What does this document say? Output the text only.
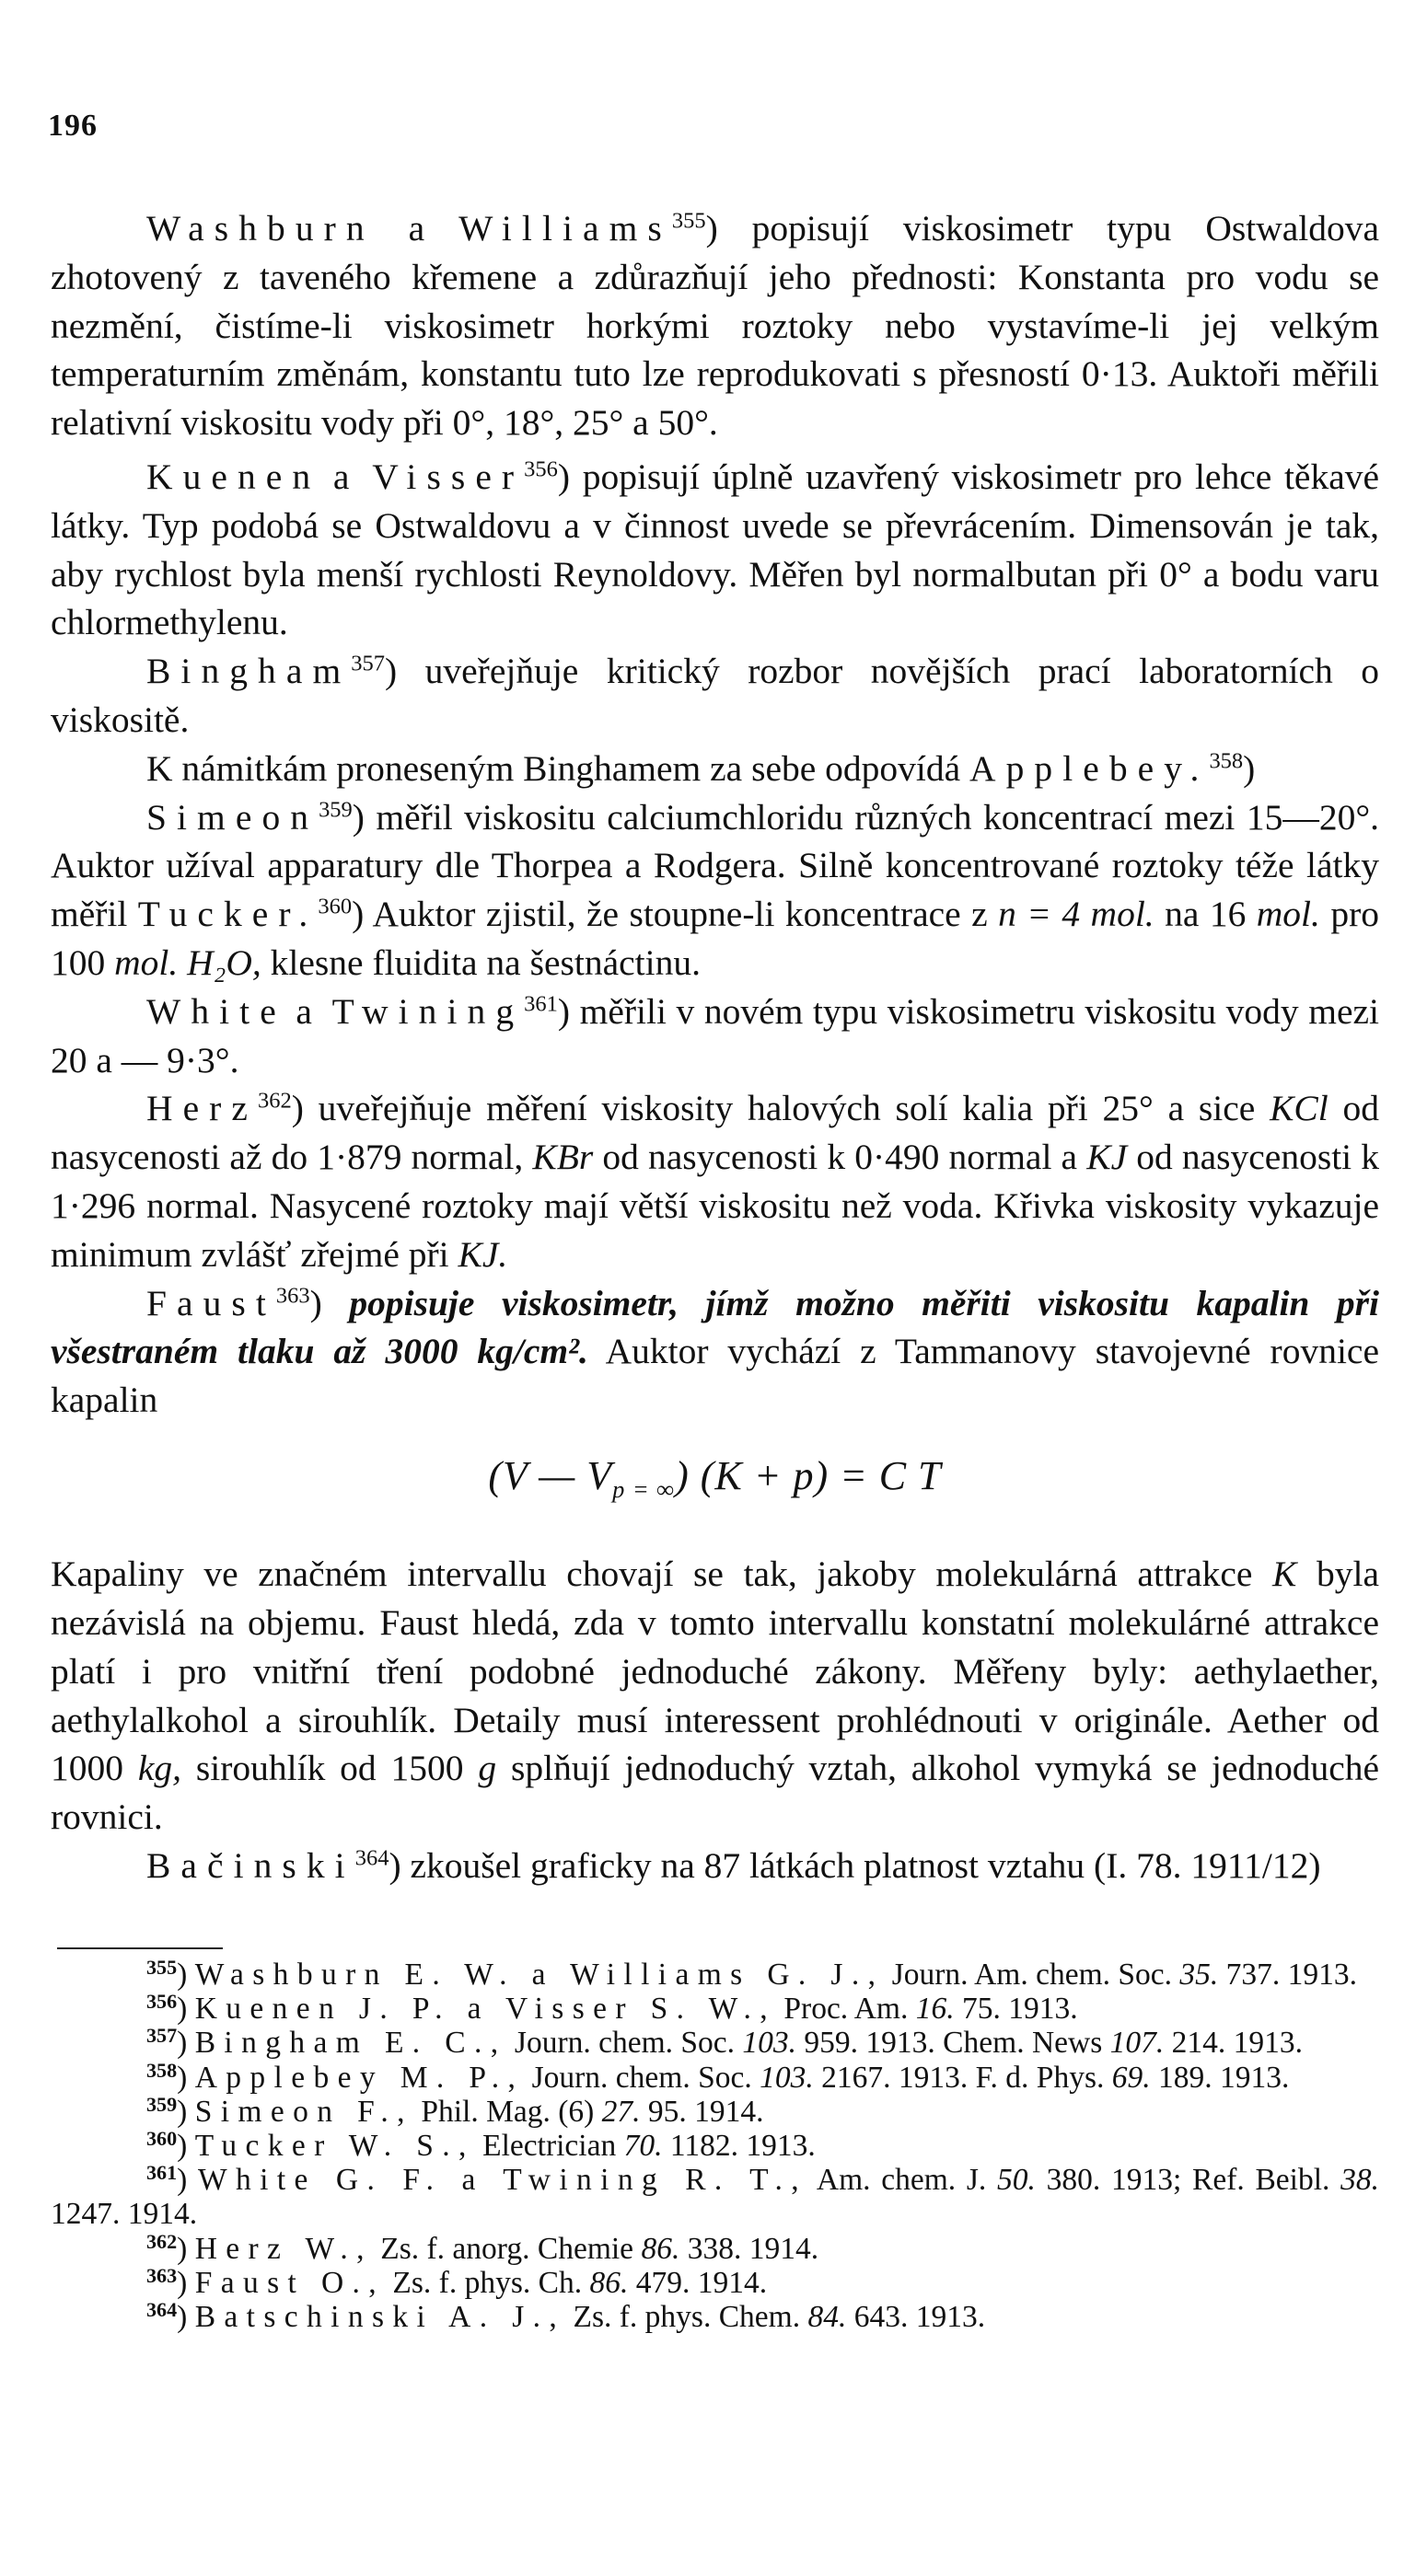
196

Washburn a Williams$^{355}$) popisují viskosimetr typu Ostwaldova zhotovený z taveného křemene a zdůrazňují jeho přednosti: Konstanta pro vodu se nezmění, čistíme-li viskosimetr horkými roztoky nebo vystavíme-li jej velkým temperaturním změnám, konstantu tuto lze reprodukovati s přesností 0·13. Auktoři měřili relativní viskositu vody při 0°, 18°, 25° a 50°.

Kuenen a Visser$^{356}$) popisují úplně uzavřený viskosimetr pro lehce těkavé látky. Typ podobá se Ostwaldovu a v činnost uvede se převrácením. Dimensován je tak, aby rychlost byla menší rychlosti Reynoldovy. Měřen byl normalbutan při 0° a bodu varu chlormethylenu.

Bingham$^{357}$) uveřejňuje kritický rozbor novějších prací laboratorních o viskositě.

K námitkám proneseným Binghamem za sebe odpovídá Applebey.$^{358}$)

Simeon$^{359}$) měřil viskositu calciumchloridu různých koncentrací mezi 15—20°. Auktor užíval apparatury dle Thorpea a Rodgera. Silně koncentrované roztoky téže látky měřil Tucker.$^{360}$) Auktor zjistil, že stoupne-li koncentrace z n = 4 mol. na 16 mol. pro 100 mol. H₂O, klesne fluidita na šestnáctinu.

White a Twining$^{361}$) měřili v novém typu viskosimetru viskositu vody mezi 20 a — 9·3°.

Herz$^{362}$) uveřejňuje měření viskosity halových solí kalia při 25° a sice KCl od nasycenosti až do 1·879 normal, KBr od nasycenosti k 0·490 normal a KJ od nasycenosti k 1·296 normal. Nasycené roztoky mají větší viskositu než voda. Křivka viskosity vykazuje minimum zvlášť zřejmé při KJ.

Faust$^{363}$) popisuje viskosimetr, jímž možno měřiti viskositu kapalin při všestraném tlaku až 3000 kg/cm². Auktor vychází z Tammanovy stavojevné rovnice kapalin

(V — $V_{p = \infty}$) (K + p) = C T

Kapaliny ve značném intervallu chovají se tak, jakoby molekulárná attrakce K byla nezávislá na objemu. Faust hledá, zda v tomto intervallu konstatní molekulárné attrakce platí i pro vnitřní tření podobné jednoduché zákony. Měřeny byly: aethylaether, aethylalkohol a sirouhlík. Detaily musí interessent prohlédnouti v originále. Aether od 1000 kg, sirouhlík od 1500 g splňují jednoduchý vztah, alkohol vymyká se jednoduché rovnici.

Bačinski$^{364}$) zkoušel graficky na 87 látkách platnost vztahu (I. 78. 1911/12)

$^{355}$) Washburn E. W. a Williams G. J., Journ. Am. chem. Soc. 35. 737. 1913.

$^{356}$) Kuenen J. P. a Visser S. W., Proc. Am. 16. 75. 1913.

$^{357}$) Bingham E. C., Journ. chem. Soc. 103. 959. 1913. Chem. News 107. 214. 1913.

$^{358}$) Applebey M. P., Journ. chem. Soc. 103. 2167. 1913. F. d. Phys. 69. 189. 1913.

$^{359}$) Simeon F., Phil. Mag. (6) 27. 95. 1914.

$^{360}$) Tucker W. S., Electrician 70. 1182. 1913.

$^{361}$) White G. F. a Twining R. T., Am. chem. J. 50. 380. 1913; Ref. Beibl. 38. 1247. 1914.

$^{362}$) Herz W., Zs. f. anorg. Chemie 86. 338. 1914.

$^{363}$) Faust O., Zs. f. phys. Ch. 86. 479. 1914.

$^{364}$) Batschinski A. J., Zs. f. phys. Chem. 84. 643. 1913.
